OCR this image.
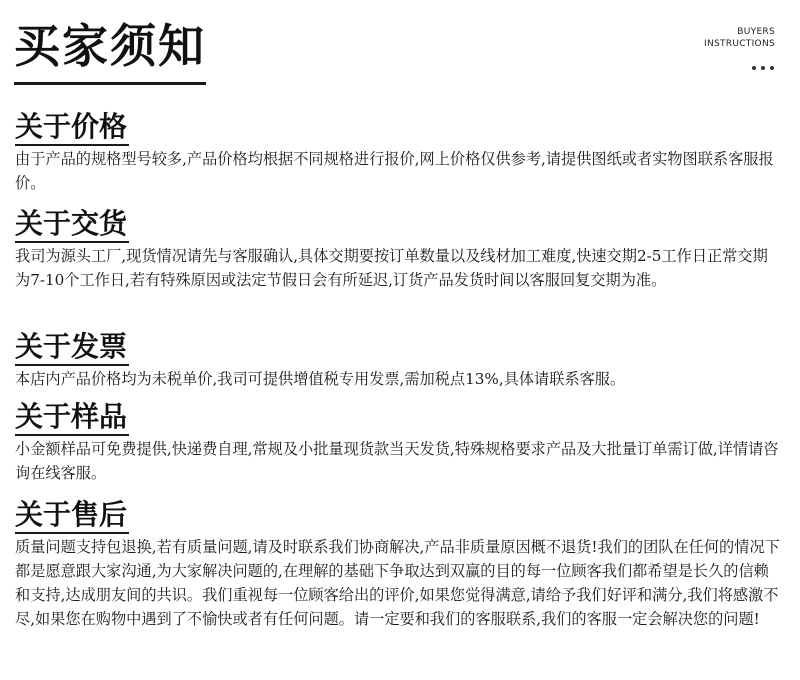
买家须知	BUYERS
INSTRUCTIONS
关于价格

由于产品的规格型号较多,产品价格均根据不同规格进行报价,网上价格仅供参考,请提供图纸或者实物图联系客服报价。

关于交货

我司为源头工厂,现货情况请先与客服确认,具体交期要按订单数量以及线材加工难度,快速交期2-5工作日正常交期为7-10个工作日,若有特殊原因或法定节假日会有所延迟,订货产品发货时间以客服回复交期为准。

关于发票

本店内产品价格均为未税单价,我司可提供增值税专用发票,需加税点13%,具体请联系客服。

关于样品

小金额样品可免费提供,快递费自理,常规及小批量现货款当天发货,特殊规格要求产品及大批量订单需订做,详情请咨询在线客服。

关于售后

质量问题支持包退换,若有质量问题,请及时联系我们协商解决,产品非质量原因概不退货!我们的团队在任何的情况下都是愿意跟大家沟通,为大家解决问题的,在理解的基础下争取达到双赢的目的每一位顾客我们都希望是长久的信赖和支持,达成朋友间的共识。我们重视每一位顾客给出的评价,如果您觉得满意,请给予我们好评和满分,我们将感激不尽,如果您在购物中遇到了不愉快或者有任何问题。请一定要和我们的客服联系,我们的客服一定会解决您的问题!
